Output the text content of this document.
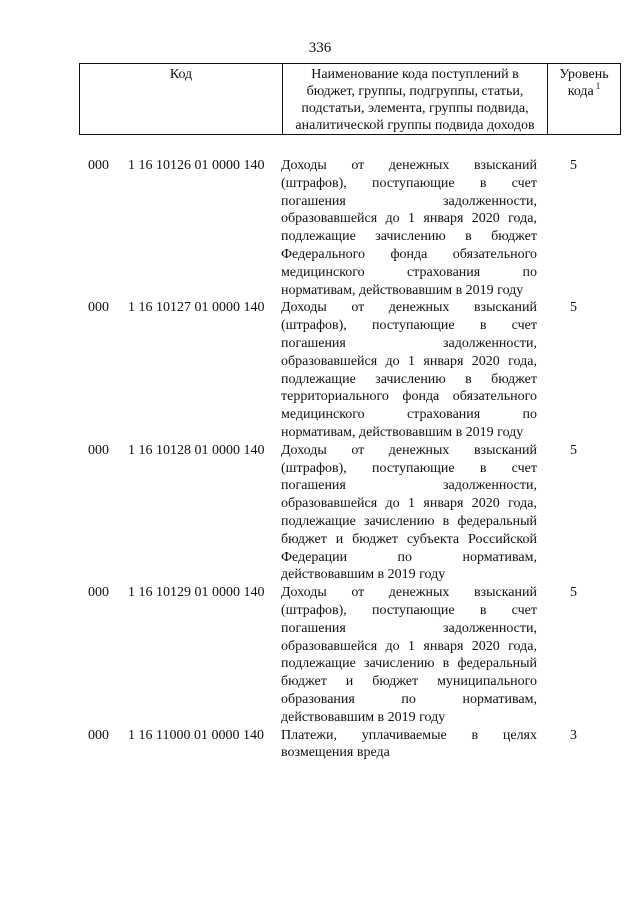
336
Код	Наименование кода поступлений в
бюджет, группы, подгруппы, статьи,
подстатьи, элемента, группы подвида,
аналитической группы подвида доходов

Уровень
кода $^1$
000 1 16 10126 01 0000 140 Доходы от денежных взысканий
(штрафов), поступающие в счет
погашения задолженности,
образовавшейся до 1 января 2020 года,
подлежащие зачислению в бюджет
Федерального фонда обязательного
медицинского страхования по
нормативам, действовавшим в 2019 году
5
000 1 16 10127 01 0000 140 Доходы от денежных взысканий
(штрафов), поступающие в счет
погашения задолженности,
образовавшейся до 1 января 2020 года,
подлежащие зачислению в бюджет
территориального фонда обязательного
медицинского страхования по
нормативам, действовавшим в 2019 году
5
000 1 16 10128 01 0000 140 Доходы от денежных взысканий
(штрафов), поступающие в счет
погашения задолженности,
образовавшейся до 1 января 2020 года,
подлежащие зачислению в федеральный
бюджет и бюджет субъекта Российской
Федерации по нормативам,
действовавшим в 2019 году
5
000 1 16 10129 01 0000 140 Доходы от денежных взысканий
(штрафов), поступающие в счет
погашения задолженности,
образовавшейся до 1 января 2020 года,
подлежащие зачислению в федеральный
бюджет и бюджет муниципального
образования по нормативам,
действовавшим в 2019 году
5
000 1 16 11000 01 0000 140 Платежи, уплачиваемые в целях
возмещения вреда
3
